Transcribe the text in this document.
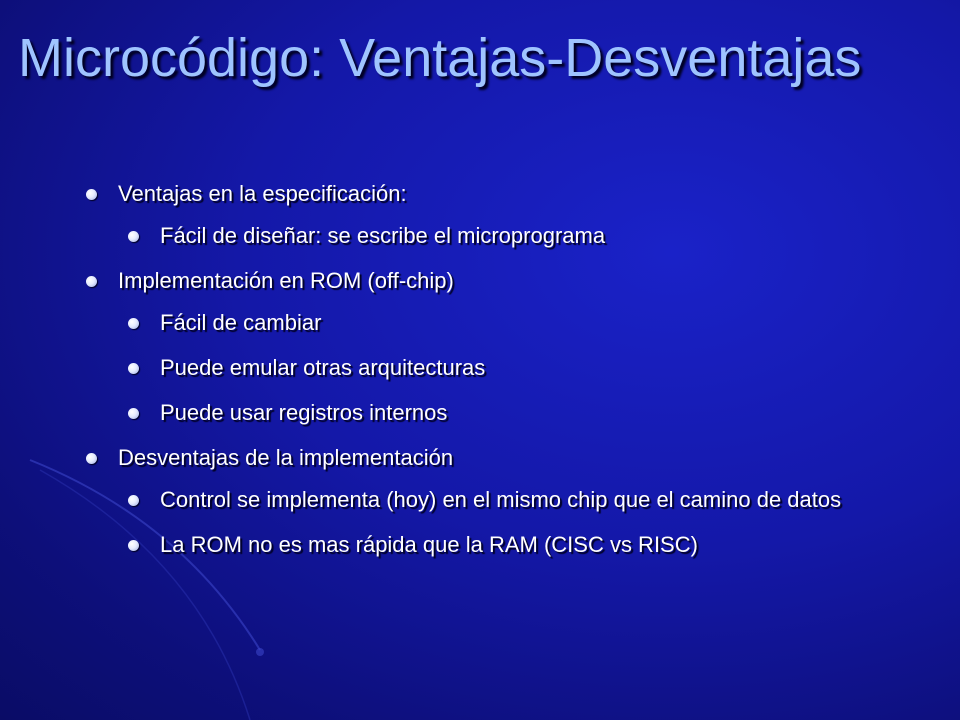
Microcódigo: Ventajas-Desventajas
Ventajas en la especificación:
Fácil de diseñar: se escribe el microprograma
Implementación en ROM (off-chip)
Fácil de cambiar
Puede emular otras arquitecturas
Puede usar registros internos
Desventajas de la implementación
Control se implementa (hoy) en el mismo chip que el camino de datos
La ROM no es mas rápida que la RAM (CISC vs RISC)
